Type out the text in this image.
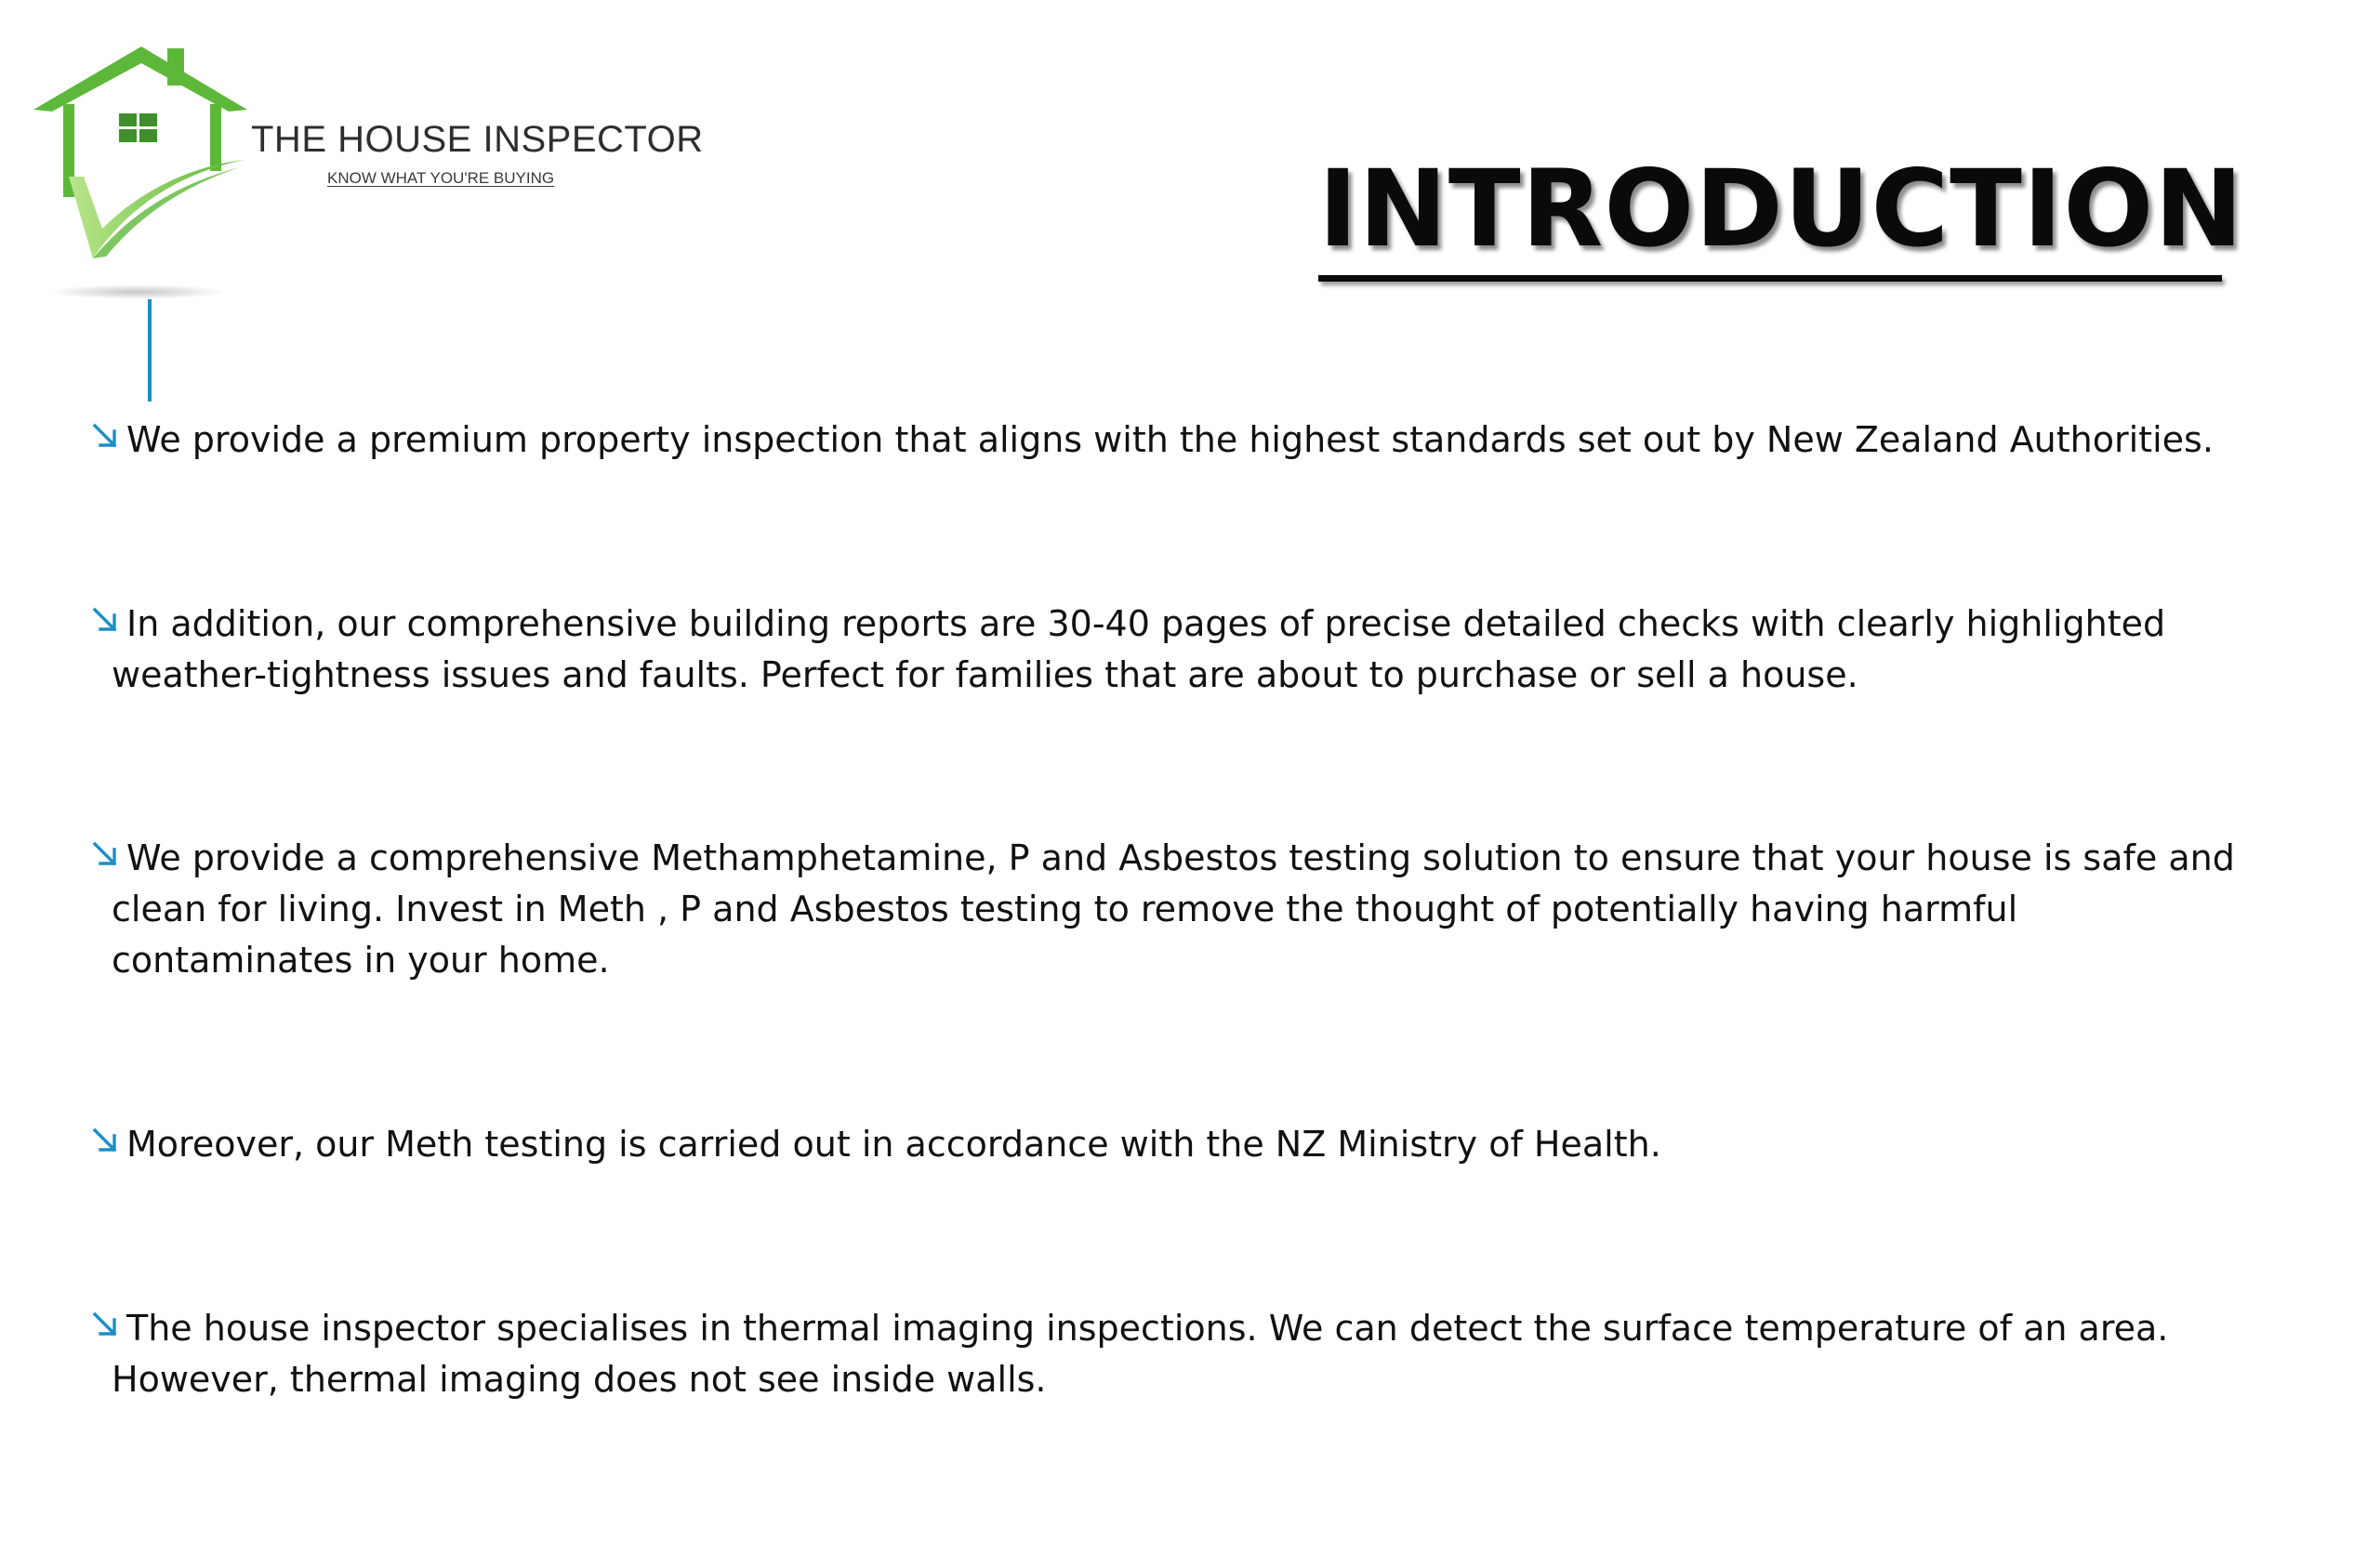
THE HOUSE INSPECTOR
KNOW WHAT YOU'RE BUYING	INTRODUCTION
We provide a premium property inspection that aligns with the highest standards set out by New Zealand Authorities.
In addition, our comprehensive building reports are 30-40 pages of precise detailed checks with clearly highlighted
weather-tightness issues and faults. Perfect for families that are about to purchase or sell a house.
We provide a comprehensive Methamphetamine, P and Asbestos testing solution to ensure that your house is safe and
clean for living. Invest in Meth , P and Asbestos testing to remove the thought of potentially having harmful
contaminates in your home.
Moreover, our Meth testing is carried out in accordance with the NZ Ministry of Health.
The house inspector specialises in thermal imaging inspections. We can detect the surface temperature of an area.
However, thermal imaging does not see inside walls.
